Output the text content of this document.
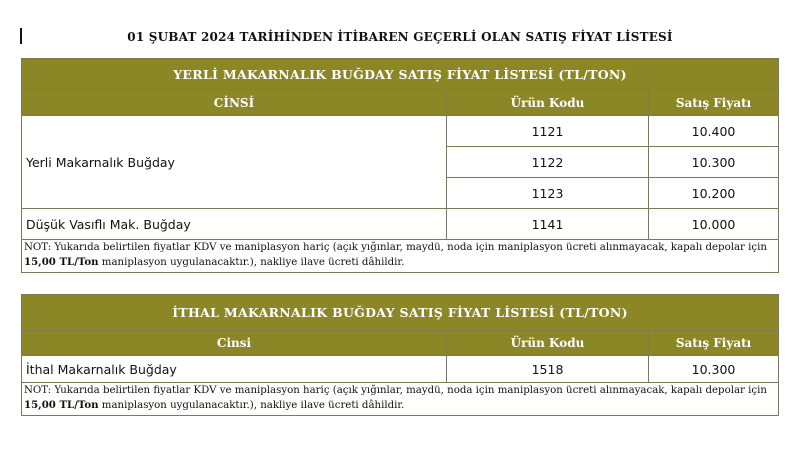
01 ŞUBAT 2024 TARİHİNDEN İTİBAREN GEÇERLİ OLAN SATIŞ FİYAT LİSTESİ
YERLİ MAKARNALIK BUĞDAY SATIŞ FİYAT LİSTESİ (TL/TON)		
CİNSİ	Ürün Kodu	Satış Fiyatı
Yerli Makarnalık Buğday	1121	10.400
	1122	10.300
	1123	10.200
Düşük Vasıflı Mak. Buğday	1141	10.000
NOT: Yukarıda belirtilen fiyatlar KDV ve maniplasyon hariç (açık yığınlar, maydü, noda için maniplasyon ücreti alınmayacak, kapalı depolar için 15,00 TL/Ton maniplasyon uygulanacaktır.), nakliye ilave ücreti dâhildir.		
İTHAL MAKARNALIK BUĞDAY SATIŞ FİYAT LİSTESİ (TL/TON)		
Cinsi	Ürün Kodu	Satış Fiyatı
İthal Makarnalık Buğday	1518	10.300
NOT: Yukarıda belirtilen fiyatlar KDV ve maniplasyon hariç (açık yığınlar, maydü, noda için maniplasyon ücreti alınmayacak, kapalı depolar için 15,00 TL/Ton maniplasyon uygulanacaktır.), nakliye ilave ücreti dâhildir.		
